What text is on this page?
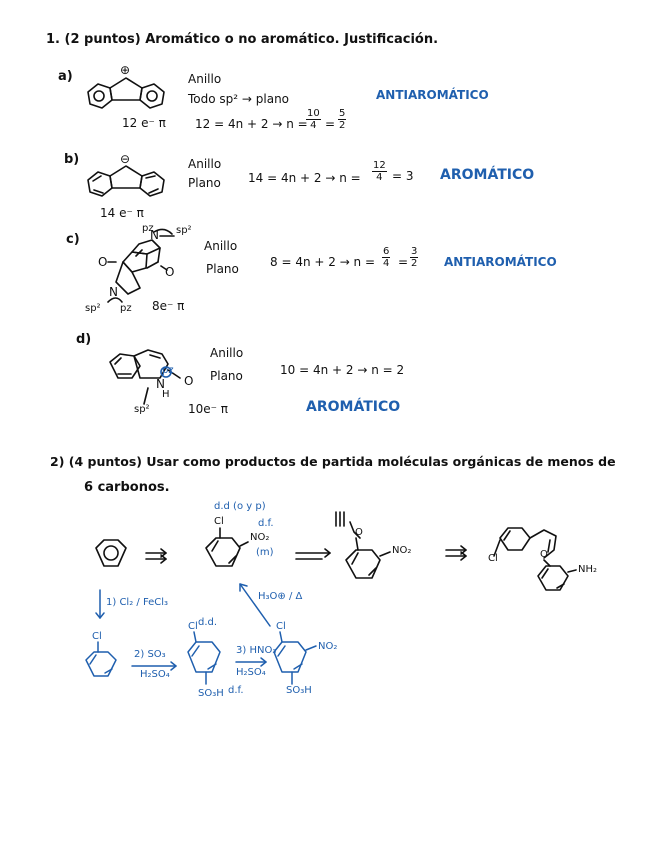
1. (2 puntos) Aromático o no aromático. Justificación.
a)	⊕
Anillo
Todo sp² → plano
12 e⁻ π 12 = 4n + 2 → n =
$\frac{10}{4} = \frac{5}{2}$
ANTIAROMÁTICO
b)	⊖	Anillo
Plano
14 e⁻ π
$14 = 4n + 2 \to n = \frac{12}{4} = 3$ AROMÁTICO
c)	N
pz sp²
O
O
N
sp² pz 8e⁻ π
Anillo
Plano	$8 = 4n + 2 \to n = \frac{6}{4} = \frac{3}{2}$ ANTIAROMÁTICO
d)
pz
N
H
O
sp²	10e⁻ π
Anillo
Plano	10 = 4n + 2 → n = 2
AROMÁTICO
2) (4 puntos) Usar como productos de partida moléculas orgánicas de menos de
6 carbonos.
d.d (o y p)
d.f.
Cl
NO₂
(m)
O
NO₂
Cl	O
NH₂
1) Cl₂ / FeCl₃
Cl
2) SO₃
H₂SO₄
Cl d.d.
SO₃H d.f.
3) HNO₃
H₂SO₄
Cl
NO₂
SO₃H
H₃O⊕ / Δ
